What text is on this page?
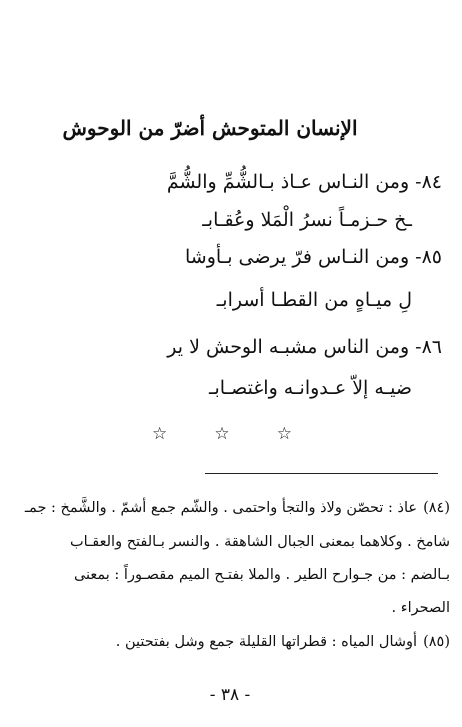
الإنسان المتوحش أضرّ من الوحوش
٨٤-ومن النـاس عـاذ بـالشُّمِّ والشُّمَّ
ـخ حـزمـاً نسرُ الْمَلا وعُقـابـ
٨٥-ومن النـاس فرّ يرضى بـأوشا
لِ ميـاهٍ من القطـا أسرابـ
٨٦-ومن الناس مشبـه الوحش لا ير
ضيـه إلاّ عـدوانـه واغتصـابـ
☆	☆	☆
(٨٤)عاذ : تحصّن ولاذ والتجأ واحتمى . والشّم جمع أشمّ . والشَّمخ : جمـ
شامخ . وكلاهما بمعنى الجبال الشاهقة . والنسر بـالفتح والعقـاب
بـالضم : من جـوارح الطير . والملا بفتـح الميم مقصـوراً : بمعنى
الصحراء .
(٨٥)أوشال المياه : قطراتها القليلة جمع وشل بفتحتين .
- ٣٨ -
